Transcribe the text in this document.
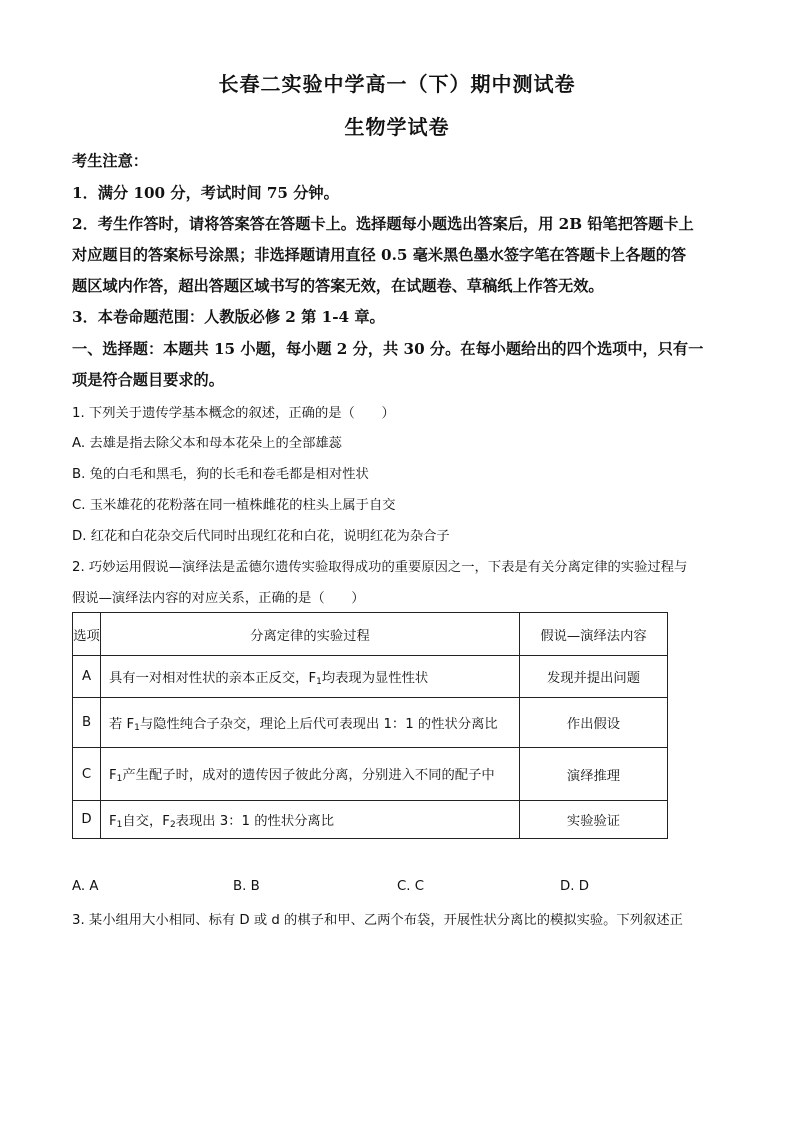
长春二实验中学高一（下）期中测试卷
生物学试卷
考生注意：
1．满分 100 分，考试时间 75 分钟。
2．考生作答时，请将答案答在答题卡上。选择题每小题选出答案后，用 2B 铅笔把答题卡上
对应题目的答案标号涂黑；非选择题请用直径 0.5 毫米黑色墨水签字笔在答题卡上各题的答
题区域内作答，超出答题区域书写的答案无效，在试题卷、草稿纸上作答无效。
3．本卷命题范围：人教版必修 2 第 1-4 章。
一、选择题：本题共 15 小题，每小题 2 分，共 30 分。在每小题给出的四个选项中，只有一
项是符合题目要求的。
1. 下列关于遗传学基本概念的叙述，正确的是（　　）
A. 去雄是指去除父本和母本花朵上的全部雄蕊
B. 兔的白毛和黑毛，狗的长毛和卷毛都是相对性状
C. 玉米雄花的花粉落在同一植株雌花的柱头上属于自交
D. 红花和白花杂交后代同时出现红花和白花，说明红花为杂合子
2. 巧妙运用假说—演绎法是孟德尔遗传实验取得成功的重要原因之一，下表是有关分离定律的实验过程与
假说—演绎法内容的对应关系，正确的是（　　）
选项	分离定律的实验过程	假说—演绎法内容
A	具有一对相对性状的亲本正反交，$F_1$均表现为显性性状	发现并提出问题
B	若 $F_1$与隐性纯合子杂交，理论上后代可表现出 1：1 的性状分离比	作出假设
C	$F_1$产生配子时，成对的遗传因子彼此分离，分别进入不同的配子中	演绎推理
D	$F_1$自交，$F_2$表现出 3：1 的性状分离比	实验验证
A. A	B. B	C. C	D. D
3. 某小组用大小相同、标有 D 或 d 的棋子和甲、乙两个布袋，开展性状分离比的模拟实验。下列叙述正
